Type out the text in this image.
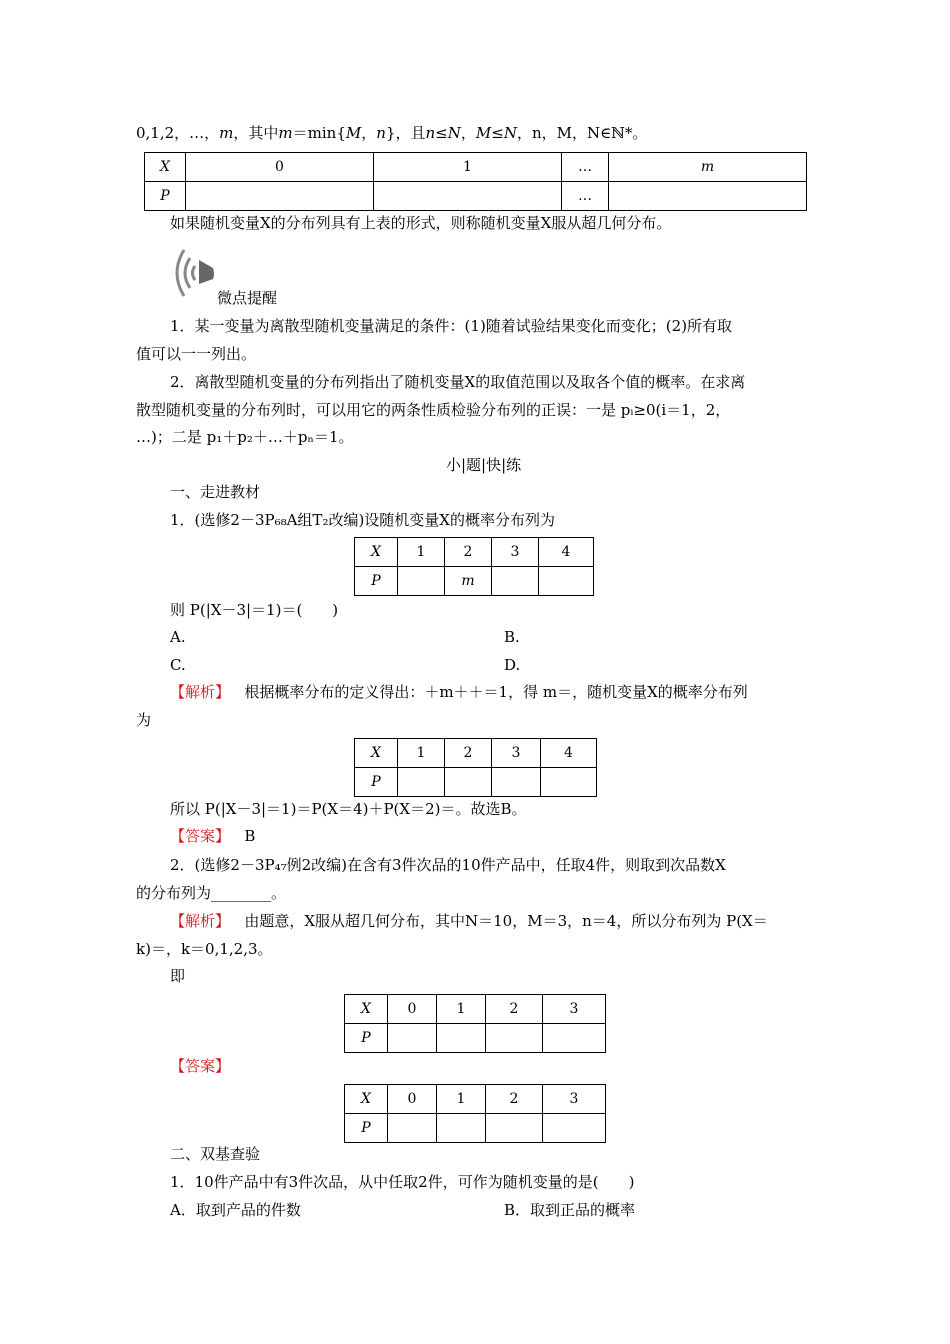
0,1,2，…，m，其中m＝min{M，n}，且n≤N，M≤N，n，M，N∈ℕ*。
X	0	1	…	m
P			…	
如果随机变量X的分布列具有上表的形式，则称随机变量X服从超几何分布。
微点提醒
1．某一变量为离散型随机变量满足的条件：(1)随着试验结果变化而变化；(2)所有取
值可以一一列出。
2．离散型随机变量的分布列指出了随机变量X的取值范围以及取各个值的概率。在求离
散型随机变量的分布列时，可以用它的两条性质检验分布列的正误：一是 pᵢ≥0(i＝1，2，
…)；二是 p₁＋p₂＋…＋pₙ＝1。
小|题|快|练
一、走进教材
1．(选修2－3P₆₈A组T₂改编)设随机变量X的概率分布列为
X	1	2	3	4
P		m		
则 P(|X－3|＝1)＝(　　)
A.	B.
C.	D.
【解析】 根据概率分布的定义得出：＋m＋＋＝1，得 m＝，随机变量X的概率分布列
为
X	1	2	3	4
P				
所以 P(|X－3|＝1)＝P(X＝4)＋P(X＝2)＝。故选B。
【答案】 B
2．(选修2－3P₄₇例2改编)在含有3件次品的10件产品中，任取4件，则取到次品数X
的分布列为________。
【解析】 由题意，X服从超几何分布，其中N＝10，M＝3，n＝4，所以分布列为 P(X＝
k)＝，k＝0,1,2,3。
即
X	0	1	2	3
P				
【答案】
X	0	1	2	3
P				
二、双基查验
1．10件产品中有3件次品，从中任取2件，可作为随机变量的是(　　)
A．取到产品的件数	B．取到正品的概率
